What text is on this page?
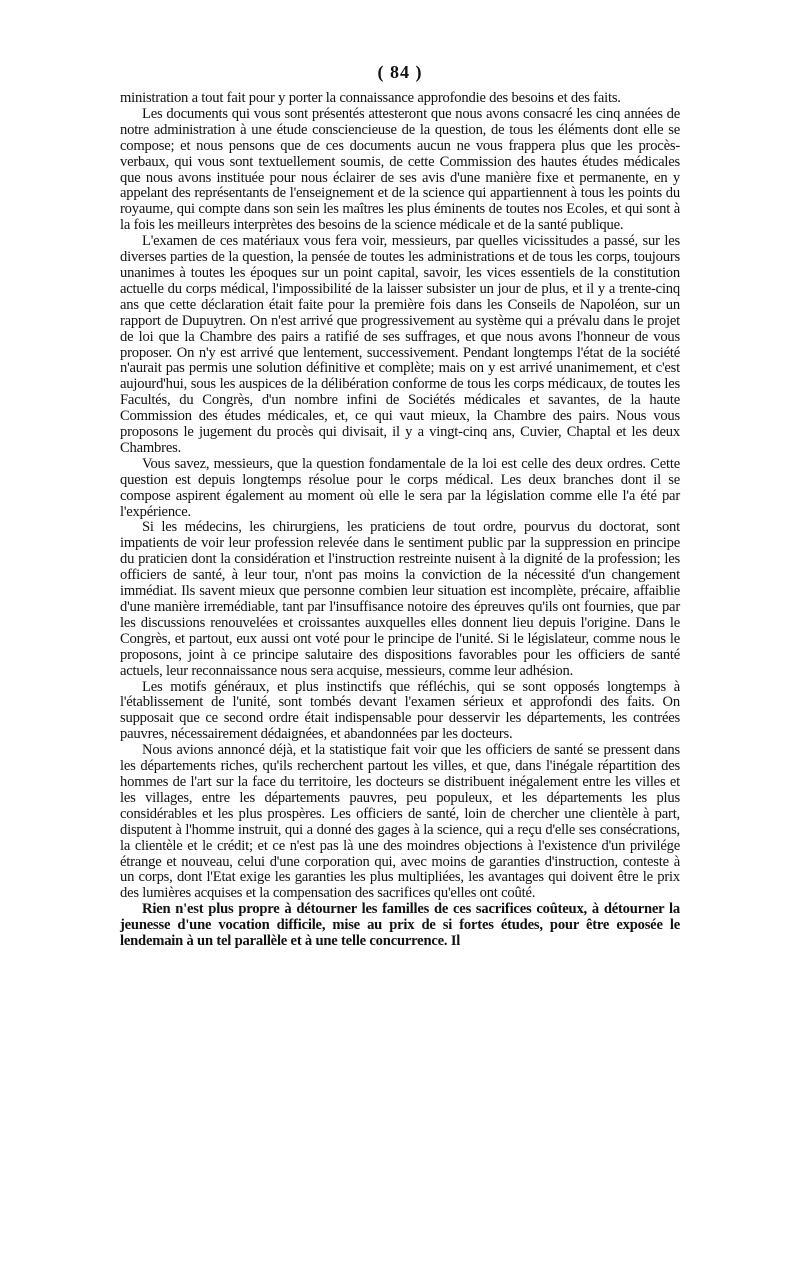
( 84 )

ministration a tout fait pour y porter la connaissance approfondie des besoins et des faits.

Les documents qui vous sont présentés attesteront que nous avons consacré les cinq années de notre administration à une étude consciencieuse de la question, de tous les éléments dont elle se compose; et nous pensons que de ces documents aucun ne vous frappera plus que les procès-verbaux, qui vous sont textuellement soumis, de cette Commission des hautes études médicales que nous avons instituée pour nous éclairer de ses avis d'une manière fixe et permanente, en y appelant des représentants de l'enseignement et de la science qui appartiennent à tous les points du royaume, qui compte dans son sein les maîtres les plus éminents de toutes nos Ecoles, et qui sont à la fois les meilleurs interprètes des besoins de la science médicale et de la santé publique.

L'examen de ces matériaux vous fera voir, messieurs, par quelles vicissitudes a passé, sur les diverses parties de la question, la pensée de toutes les administrations et de tous les corps, toujours unanimes à toutes les époques sur un point capital, savoir, les vices essentiels de la constitution actuelle du corps médical, l'impossibilité de la laisser subsister un jour de plus, et il y a trente-cinq ans que cette déclaration était faite pour la première fois dans les Conseils de Napoléon, sur un rapport de Dupuytren. On n'est arrivé que progressivement au système qui a prévalu dans le projet de loi que la Chambre des pairs a ratifié de ses suffrages, et que nous avons l'honneur de vous proposer. On n'y est arrivé que lentement, successivement. Pendant longtemps l'état de la société n'aurait pas permis une solution définitive et complète; mais on y est arrivé unanimement, et c'est aujourd'hui, sous les auspices de la délibération conforme de tous les corps médicaux, de toutes les Facultés, du Congrès, d'un nombre infini de Sociétés médicales et savantes, de la haute Commission des études médicales, et, ce qui vaut mieux, la Chambre des pairs. Nous vous proposons le jugement du procès qui divisait, il y a vingt-cinq ans, Cuvier, Chaptal et les deux Chambres.

Vous savez, messieurs, que la question fondamentale de la loi est celle des deux ordres. Cette question est depuis longtemps résolue pour le corps médical. Les deux branches dont il se compose aspirent également au moment où elle le sera par la législation comme elle l'a été par l'expérience.

Si les médecins, les chirurgiens, les praticiens de tout ordre, pourvus du doctorat, sont impatients de voir leur profession relevée dans le sentiment public par la suppression en principe du praticien dont la considération et l'instruction restreinte nuisent à la dignité de la profession; les officiers de santé, à leur tour, n'ont pas moins la conviction de la nécessité d'un changement immédiat. Ils savent mieux que personne combien leur situation est incomplète, précaire, affaiblie d'une manière irremédiable, tant par l'insuffisance notoire des épreuves qu'ils ont fournies, que par les discussions renouvelées et croissantes auxquelles elles donnent lieu depuis l'origine. Dans le Congrès, et partout, eux aussi ont voté pour le principe de l'unité. Si le législateur, comme nous le proposons, joint à ce principe salutaire des dispositions favorables pour les officiers de santé actuels, leur reconnaissance nous sera acquise, messieurs, comme leur adhésion.

Les motifs généraux, et plus instinctifs que réfléchis, qui se sont opposés longtemps à l'établissement de l'unité, sont tombés devant l'examen sérieux et approfondi des faits. On supposait que ce second ordre était indispensable pour desservir les départements, les contrées pauvres, nécessairement dédaignées, et abandonnées par les docteurs.

Nous avions annoncé déjà, et la statistique fait voir que les officiers de santé se pressent dans les départements riches, qu'ils recherchent partout les villes, et que, dans l'inégale répartition des hommes de l'art sur la face du territoire, les docteurs se distribuent inégalement entre les villes et les villages, entre les départements pauvres, peu populeux, et les départements les plus considérables et les plus prospères. Les officiers de santé, loin de chercher une clientèle à part, disputent à l'homme instruit, qui a donné des gages à la science, qui a reçu d'elle ses consécrations, la clientèle et le crédit; et ce n'est pas là une des moindres objections à l'existence d'un privilége étrange et nouveau, celui d'une corporation qui, avec moins de garanties d'instruction, conteste à un corps, dont l'Etat exige les garanties les plus multipliées, les avantages qui doivent être le prix des lumières acquises et la compensation des sacrifices qu'elles ont coûté.

Rien n'est plus propre à détourner les familles de ces sacrifices coûteux, à détourner la jeunesse d'une vocation difficile, mise au prix de si fortes études, pour être exposée le lendemain à un tel parallèle et à une telle concurrence. Il
